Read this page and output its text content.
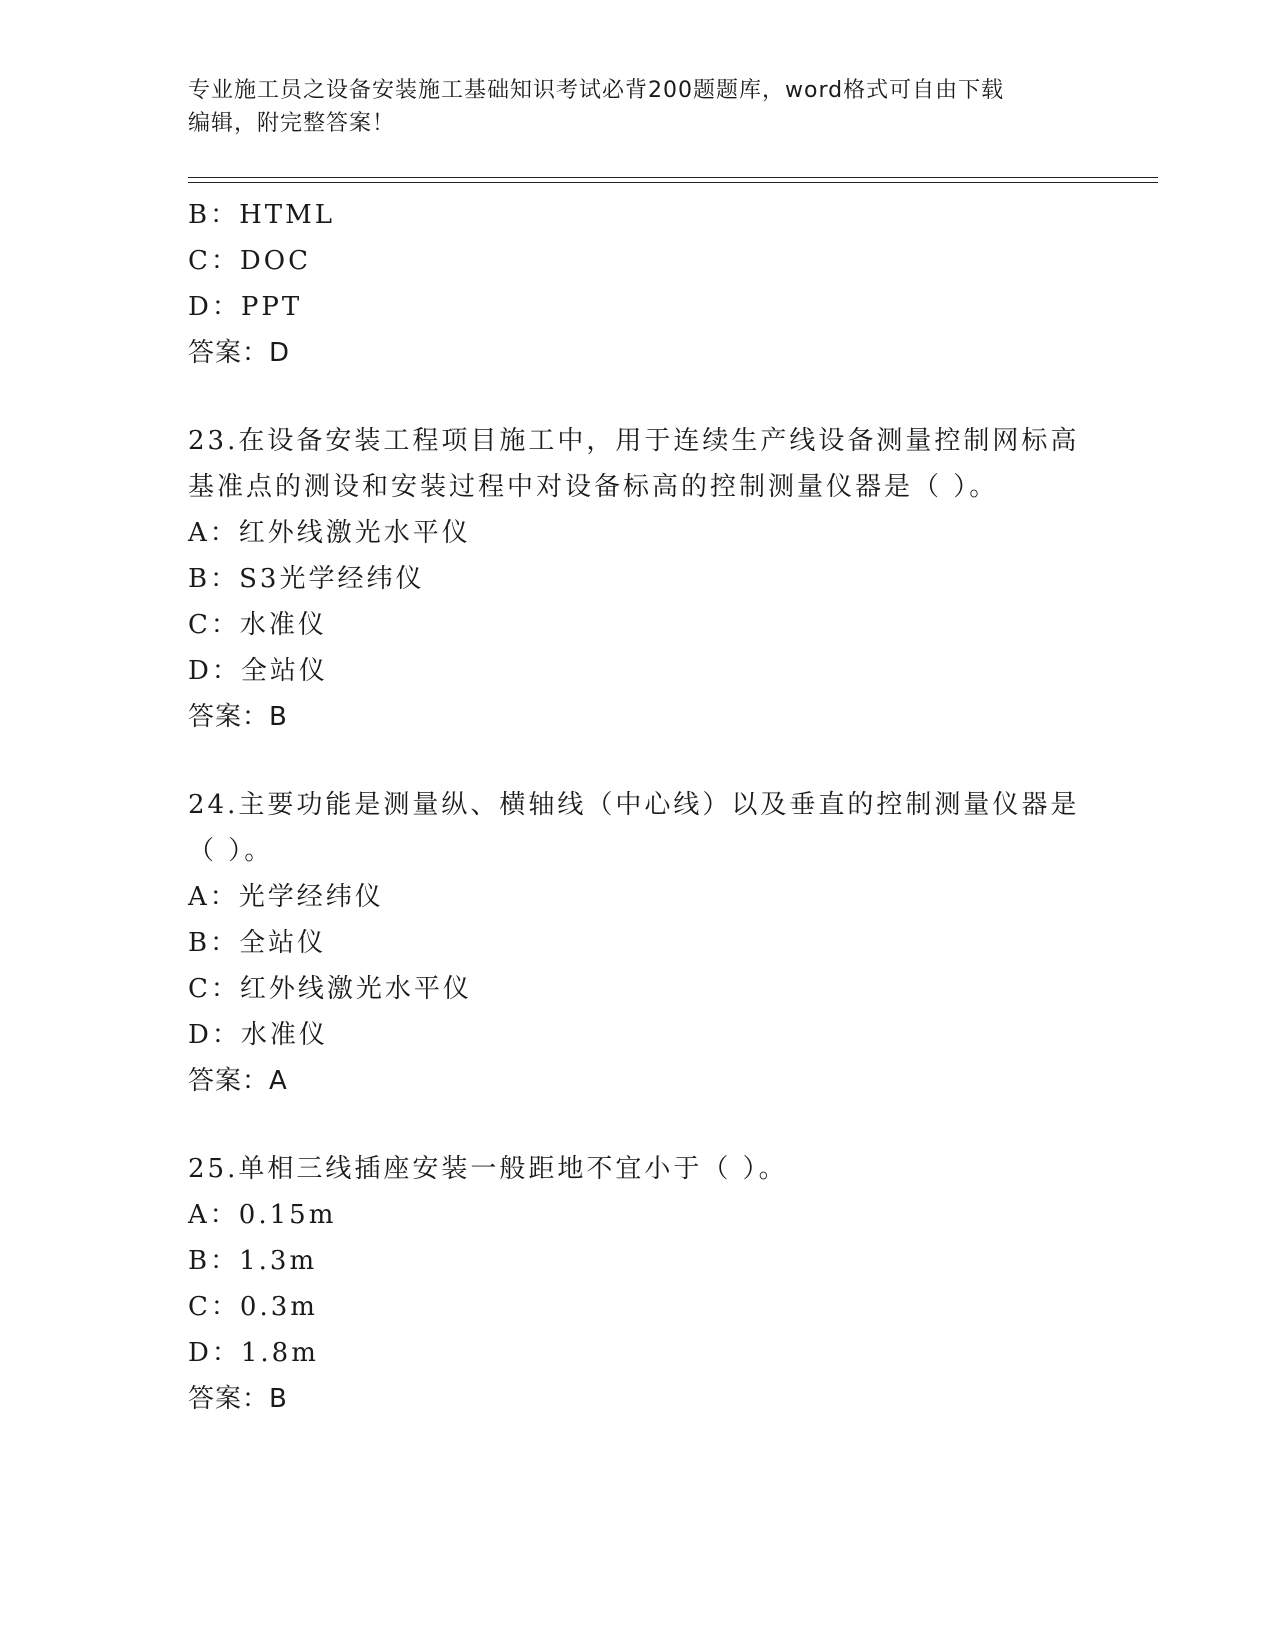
专业施工员之设备安装施工基础知识考试必背200题题库，word格式可自由下载
编辑，附完整答案！
B：HTML
C：DOC
D：PPT
答案：D
23.在设备安装工程项目施工中，用于连续生产线设备测量控制网标高
基准点的测设和安装过程中对设备标高的控制测量仪器是（ ）。
A：红外线激光水平仪
B：S3光学经纬仪
C：水准仪
D：全站仪
答案：B
24.主要功能是测量纵、横轴线（中心线）以及垂直的控制测量仪器是
（ ）。
A：光学经纬仪
B：全站仪
C：红外线激光水平仪
D：水准仪
答案：A
25.单相三线插座安装一般距地不宜小于（ ）。
A：0.15m
B：1.3m
C：0.3m
D：1.8m
答案：B
